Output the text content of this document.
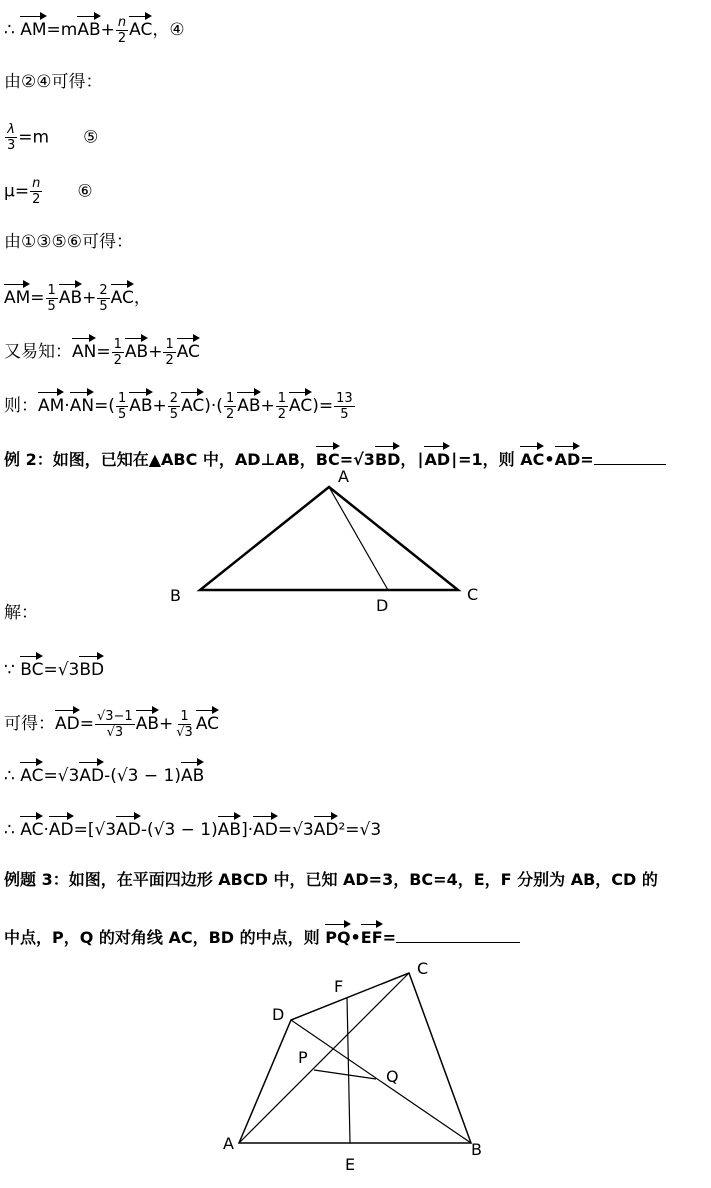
∴ $AM=mAB+ \frac{n}{2}$ AC，④
由②④可得：
$\frac{\lambda}{3} =m$ ⑤
$\mu= \frac{n}{2}$ ⑥
由①③⑤⑥可得：
$AM= \frac{1}{5} AB+ \frac{2}{5}$ AC，
又易知：$AN= \frac{1}{2} AB+ \frac{1}{2}$ AC
则：$AM\cdot AN=( \frac{1}{5} AB+ \frac{2}{5} AC)\cdot( \frac{1}{2} AB+ \frac{1}{2} AC)= \frac{13}{5}$
例 2：如图，已知在▲ABC 中，AD⊥AB，BC=√3BD，∣AD∣=1，则 AC•AD=
A
B	C
D
解：
∵ BC=√3BD
可得：$AD= \frac{√3-1}{√3} AB+ \frac{1}{√3}$ AC
∴ AC=√3AD-(√3 − 1)AB
∴ AC·AD=[√3AD-(√3 − 1)AB]·AD=√3AD²=√3
例题 3：如图，在平面四边形 ABCD 中，已知 AD=3，BC=4，E，F 分别为 AB，CD 的
中点，P，Q 的对角线 AC，BD 的中点，则 PQ•EF=
A	B
C
D
E
F
P
Q
